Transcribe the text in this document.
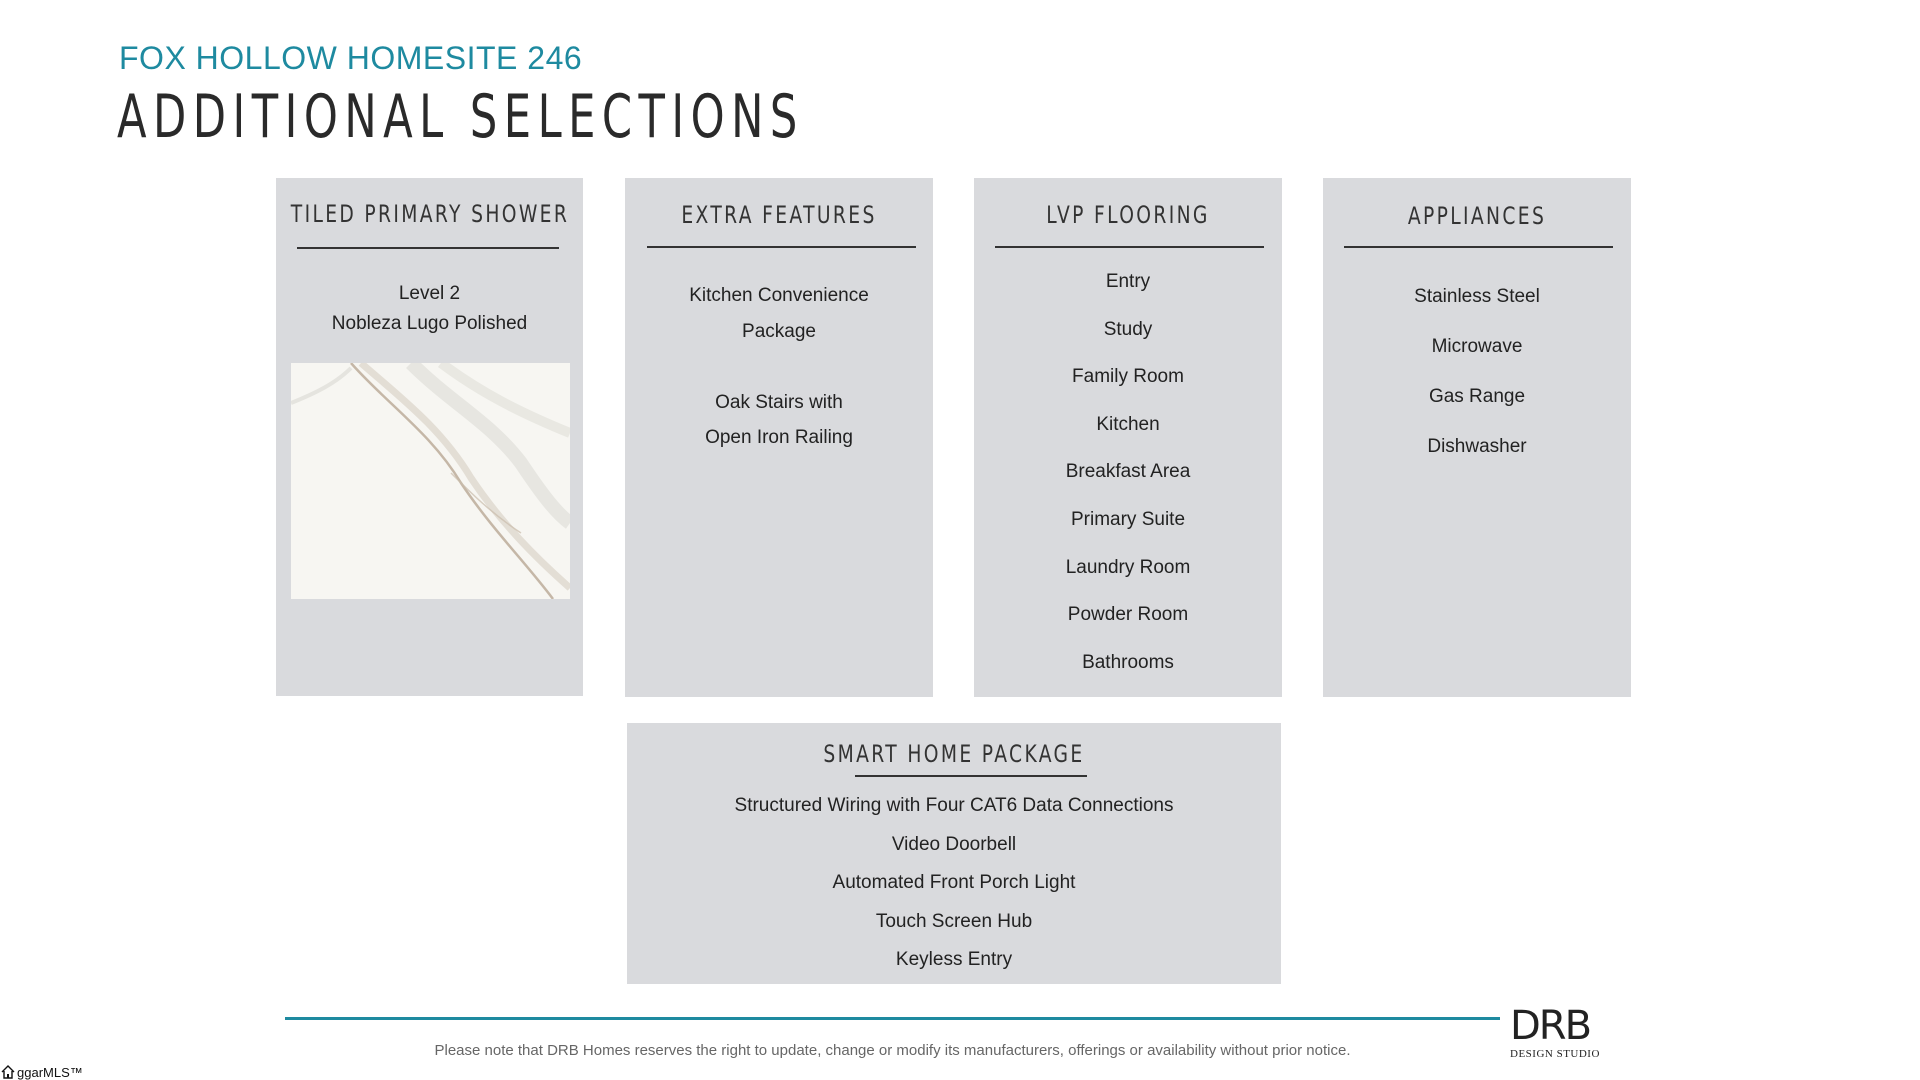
FOX HOLLOW HOMESITE 246
ADDITIONAL SELECTIONS
TILED PRIMARY SHOWER
Level 2
Nobleza Lugo Polished
EXTRA FEATURES
Kitchen Convenience
Package
Oak Stairs with
Open Iron Railing
LVP FLOORING
Entry
Study
Family Room
Kitchen
Breakfast Area
Primary Suite
Laundry Room
Powder Room
Bathrooms
APPLIANCES
Stainless Steel
Microwave
Gas Range
Dishwasher
SMART HOME PACKAGE
Structured Wiring with Four CAT6 Data Connections
Video Doorbell
Automated Front Porch Light
Touch Screen Hub
Keyless Entry
Please note that DRB Homes reserves the right to update, change or modify its manufacturers, offerings or availability without prior notice.
DRB
DESIGN STUDIO
ggarMLS™
